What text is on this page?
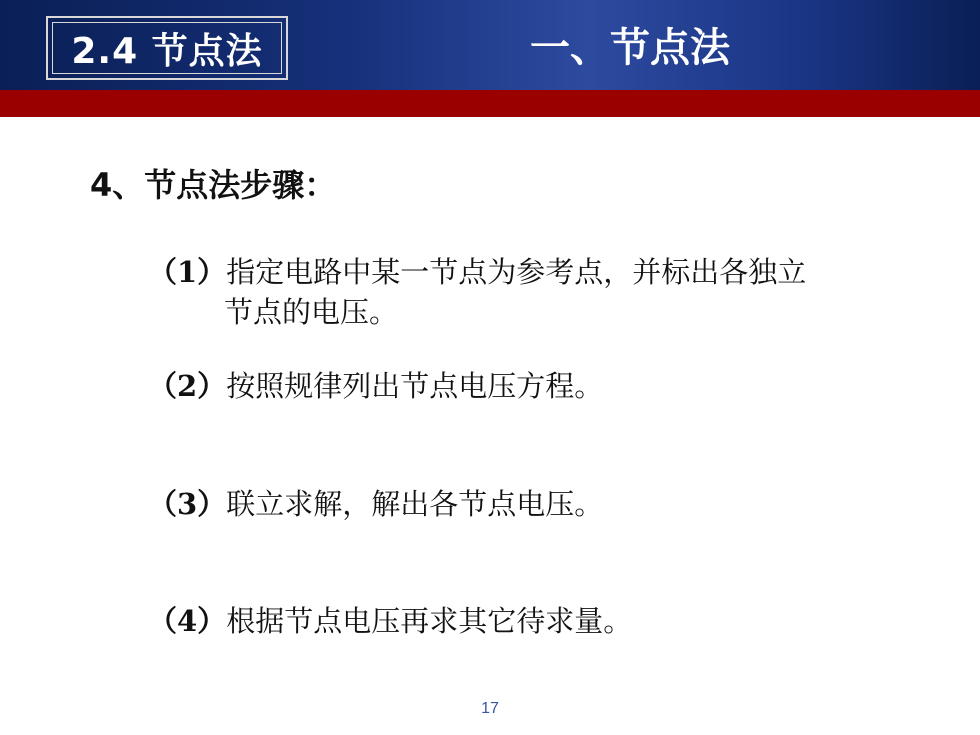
2.4 节点法	一、节点法
4、节点法步骤：
（1）指定电路中某一节点为参考点，并标出各独立
节点的电压。
（2）按照规律列出节点电压方程。
（3）联立求解，解出各节点电压。
（4）根据节点电压再求其它待求量。
17
